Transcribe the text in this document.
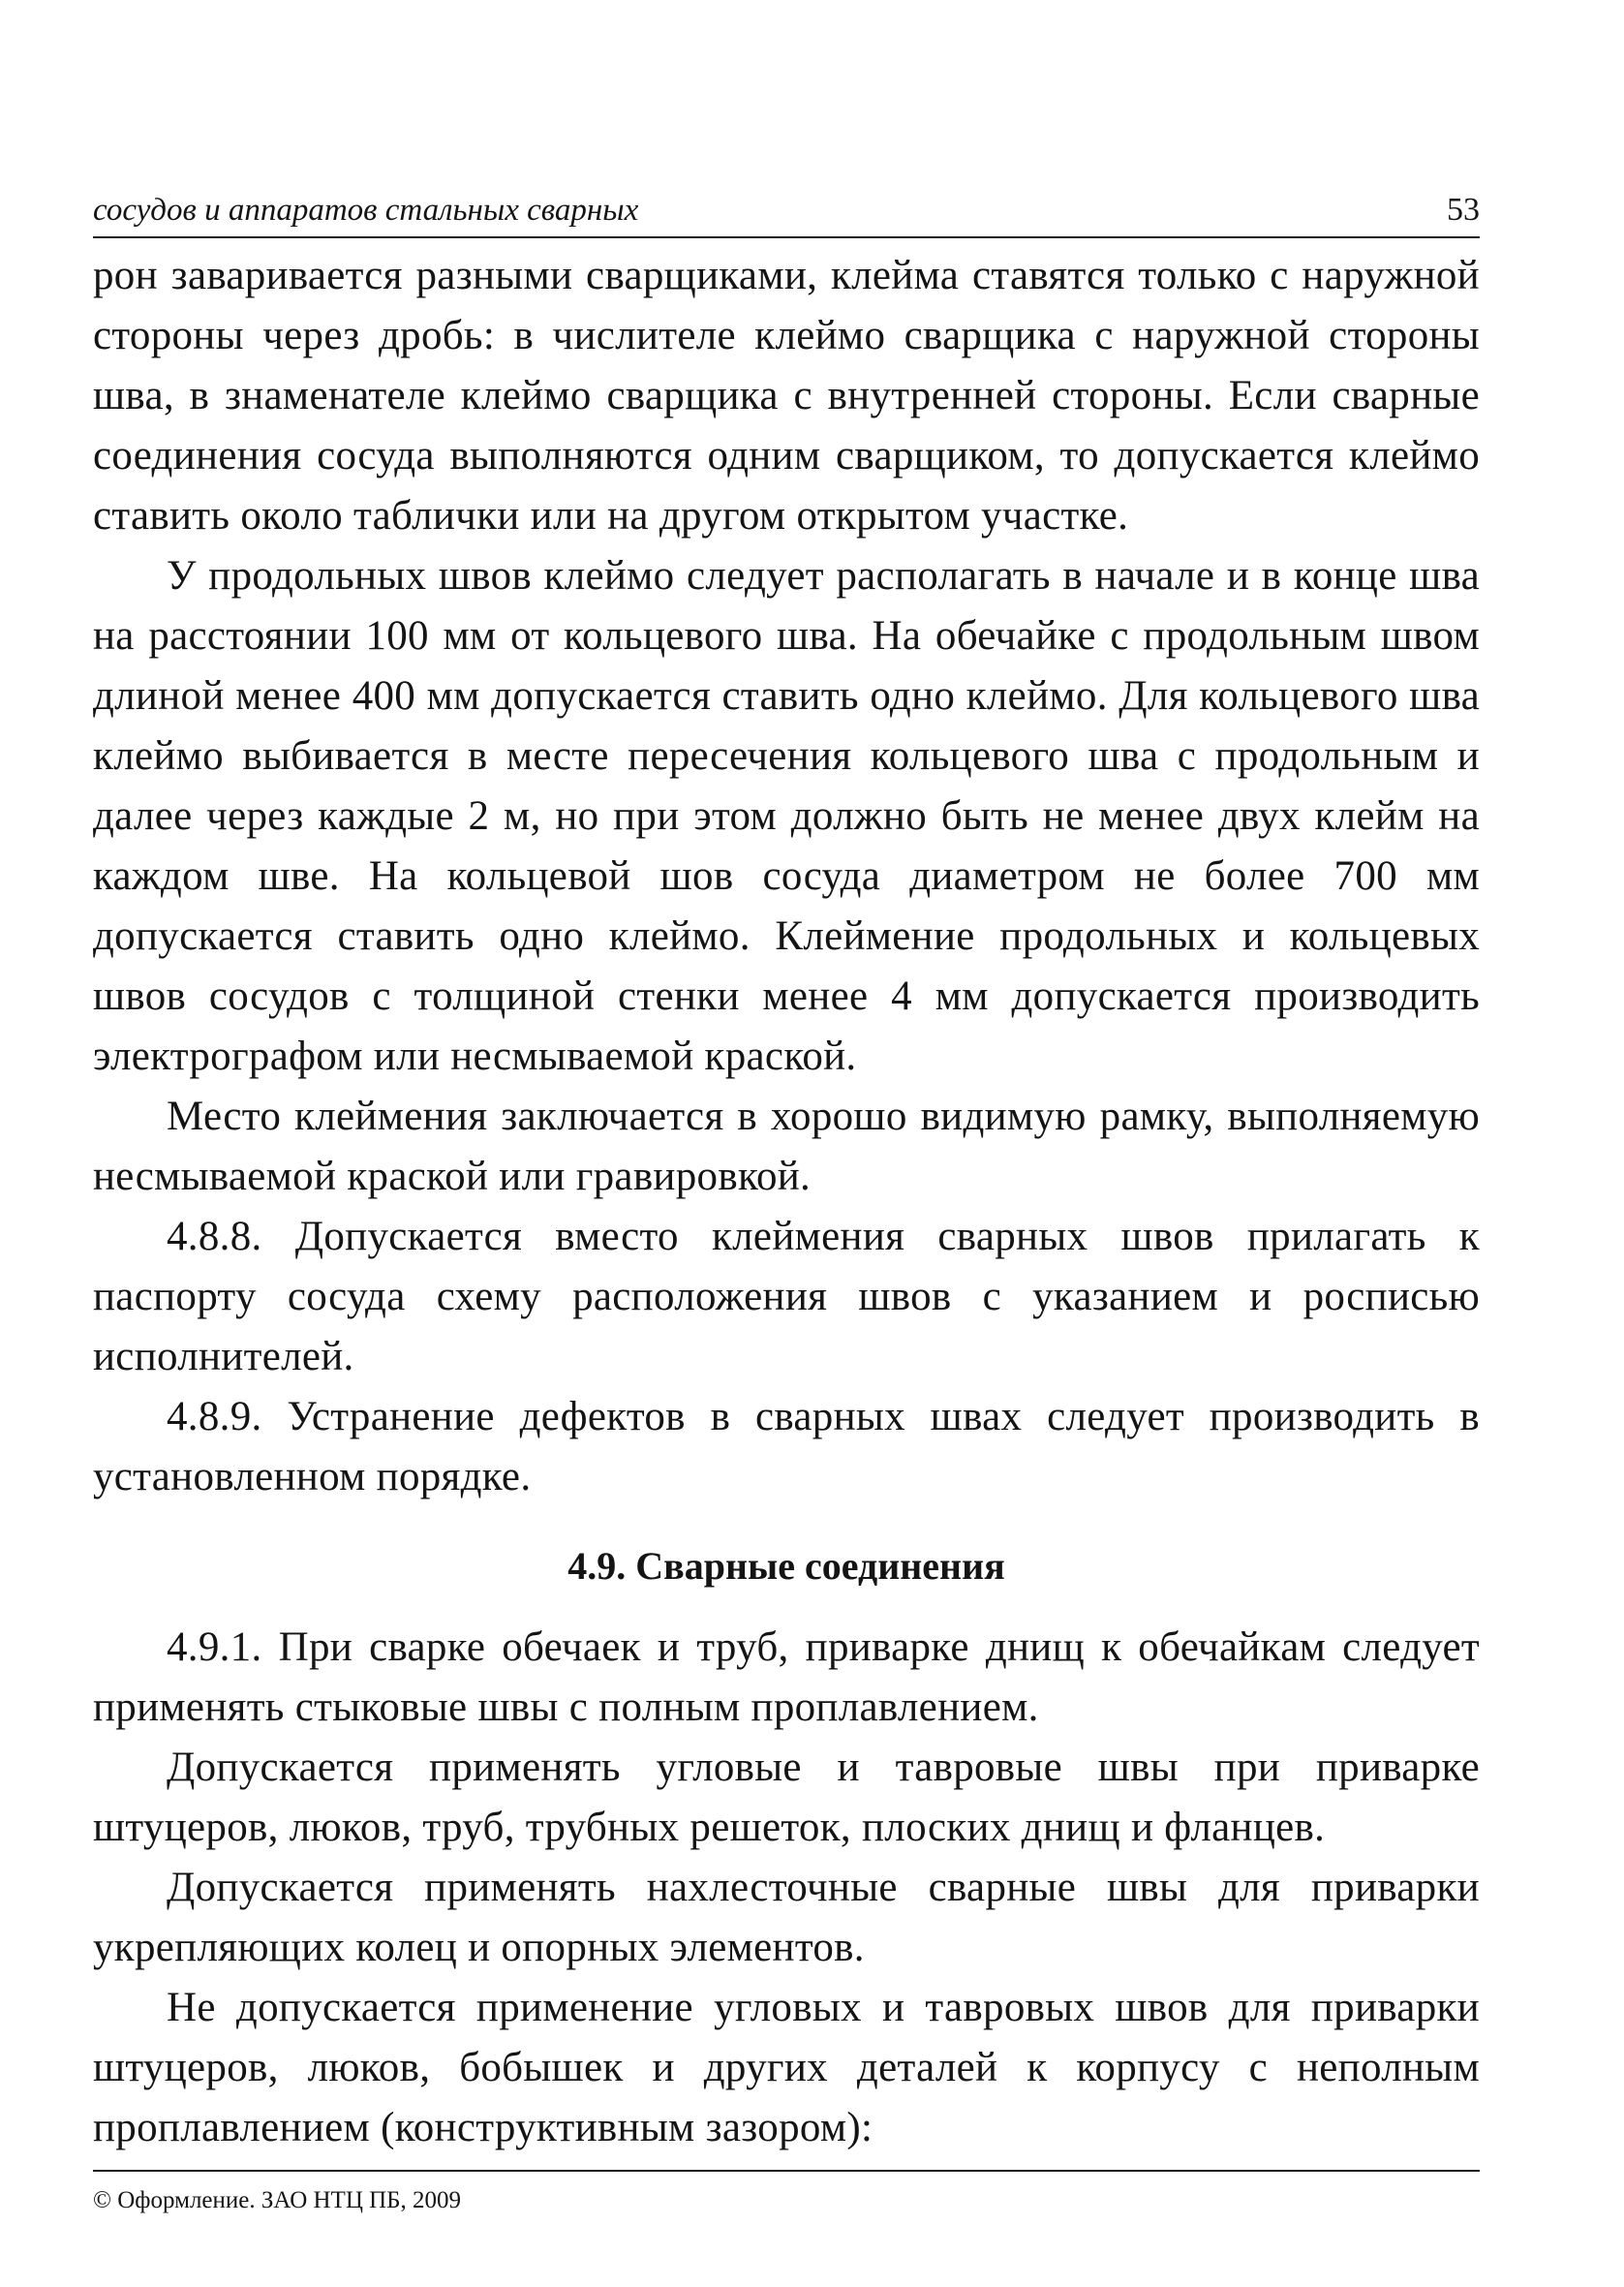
сосудов и аппаратов стальных сварных	53

рон заваривается разными сварщиками, клейма ставятся только с наружной стороны через дробь: в числителе клеймо сварщика с наружной стороны шва, в знаменателе клеймо сварщика с внутренней стороны. Если сварные соединения сосуда выполняются одним сварщиком, то допускается клеймо ставить около таблички или на другом открытом участке.

У продольных швов клеймо следует располагать в начале и в конце шва на расстоянии 100 мм от кольцевого шва. На обечайке с продольным швом длиной менее 400 мм допускается ставить одно клеймо. Для кольцевого шва клеймо выбивается в месте пересечения кольцевого шва с продольным и далее через каждые 2 м, но при этом должно быть не менее двух клейм на каждом шве. На кольцевой шов сосуда диаметром не более 700 мм допускается ставить одно клеймо. Клеймение продольных и кольцевых швов сосудов с толщиной стенки менее 4 мм допускается производить электрографом или несмываемой краской.

Место клеймения заключается в хорошо видимую рамку, выполняемую несмываемой краской или гравировкой.

4.8.8. Допускается вместо клеймения сварных швов прилагать к паспорту сосуда схему расположения швов с указанием и росписью исполнителей.

4.8.9. Устранение дефектов в сварных швах следует производить в установленном порядке.

4.9. Сварные соединения

4.9.1. При сварке обечаек и труб, приварке днищ к обечайкам следует применять стыковые швы с полным проплавлением.

Допускается применять угловые и тавровые швы при приварке штуцеров, люков, труб, трубных решеток, плоских днищ и фланцев.

Допускается применять нахлесточные сварные швы для приварки укрепляющих колец и опорных элементов.

Не допускается применение угловых и тавровых швов для приварки штуцеров, люков, бобышек и других деталей к корпусу с неполным проплавлением (конструктивным зазором):

© Оформление. ЗАО НТЦ ПБ, 2009
